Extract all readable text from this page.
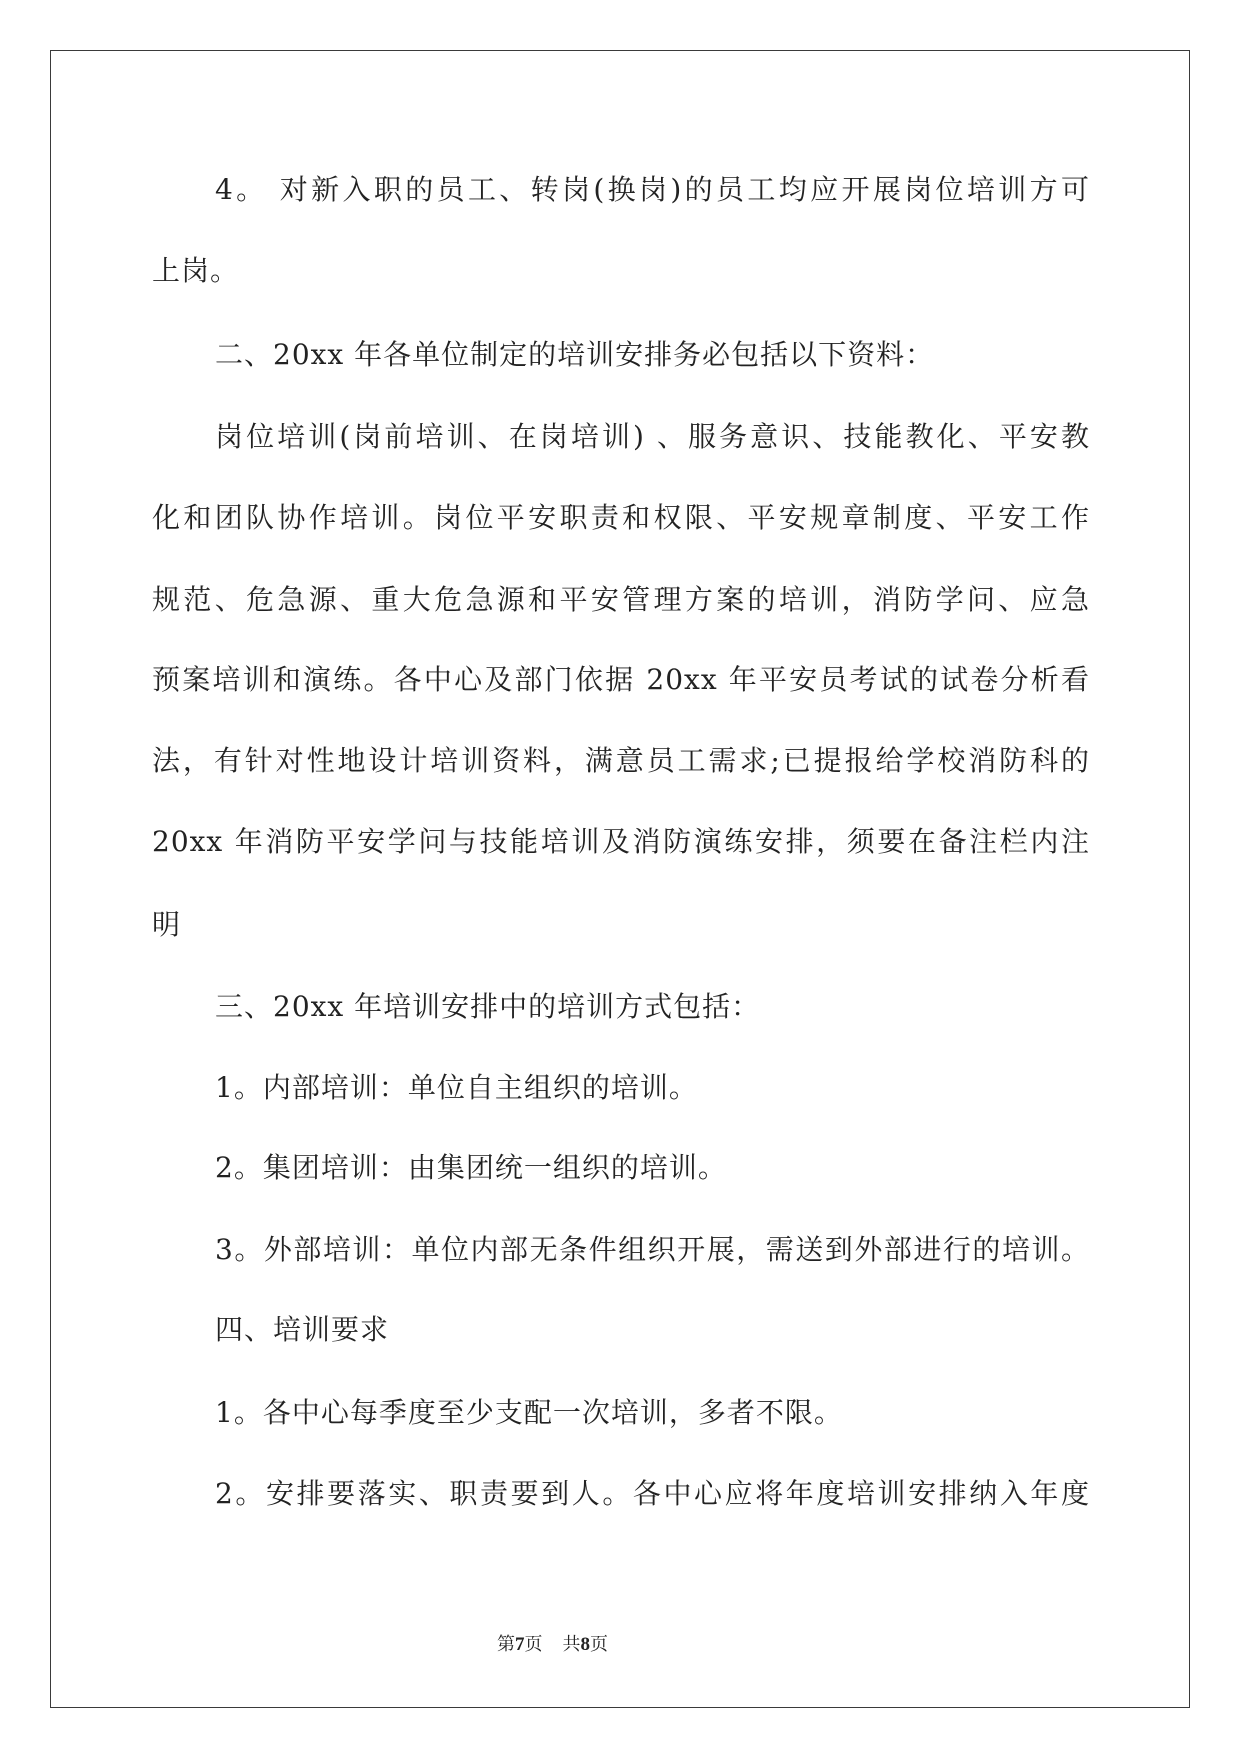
4。 对新入职的员工、转岗(换岗)的员工均应开展岗位培训方可
上岗。
二、20xx 年各单位制定的培训安排务必包括以下资料：
岗位培训(岗前培训、在岗培训) 、服务意识、技能教化、平安教
化和团队协作培训。岗位平安职责和权限、平安规章制度、平安工作
规范、危急源、重大危急源和平安管理方案的培训，消防学问、应急
预案培训和演练。各中心及部门依据 20xx 年平安员考试的试卷分析看
法，有针对性地设计培训资料，满意员工需求;已提报给学校消防科的
20xx 年消防平安学问与技能培训及消防演练安排，须要在备注栏内注
明
三、20xx 年培训安排中的培训方式包括：
1。内部培训：单位自主组织的培训。
2。集团培训：由集团统一组织的培训。
3。外部培训：单位内部无条件组织开展，需送到外部进行的培训。
四、培训要求
1。各中心每季度至少支配一次培训，多者不限。
2。安排要落实、职责要到人。各中心应将年度培训安排纳入年度
第7页 共8页
